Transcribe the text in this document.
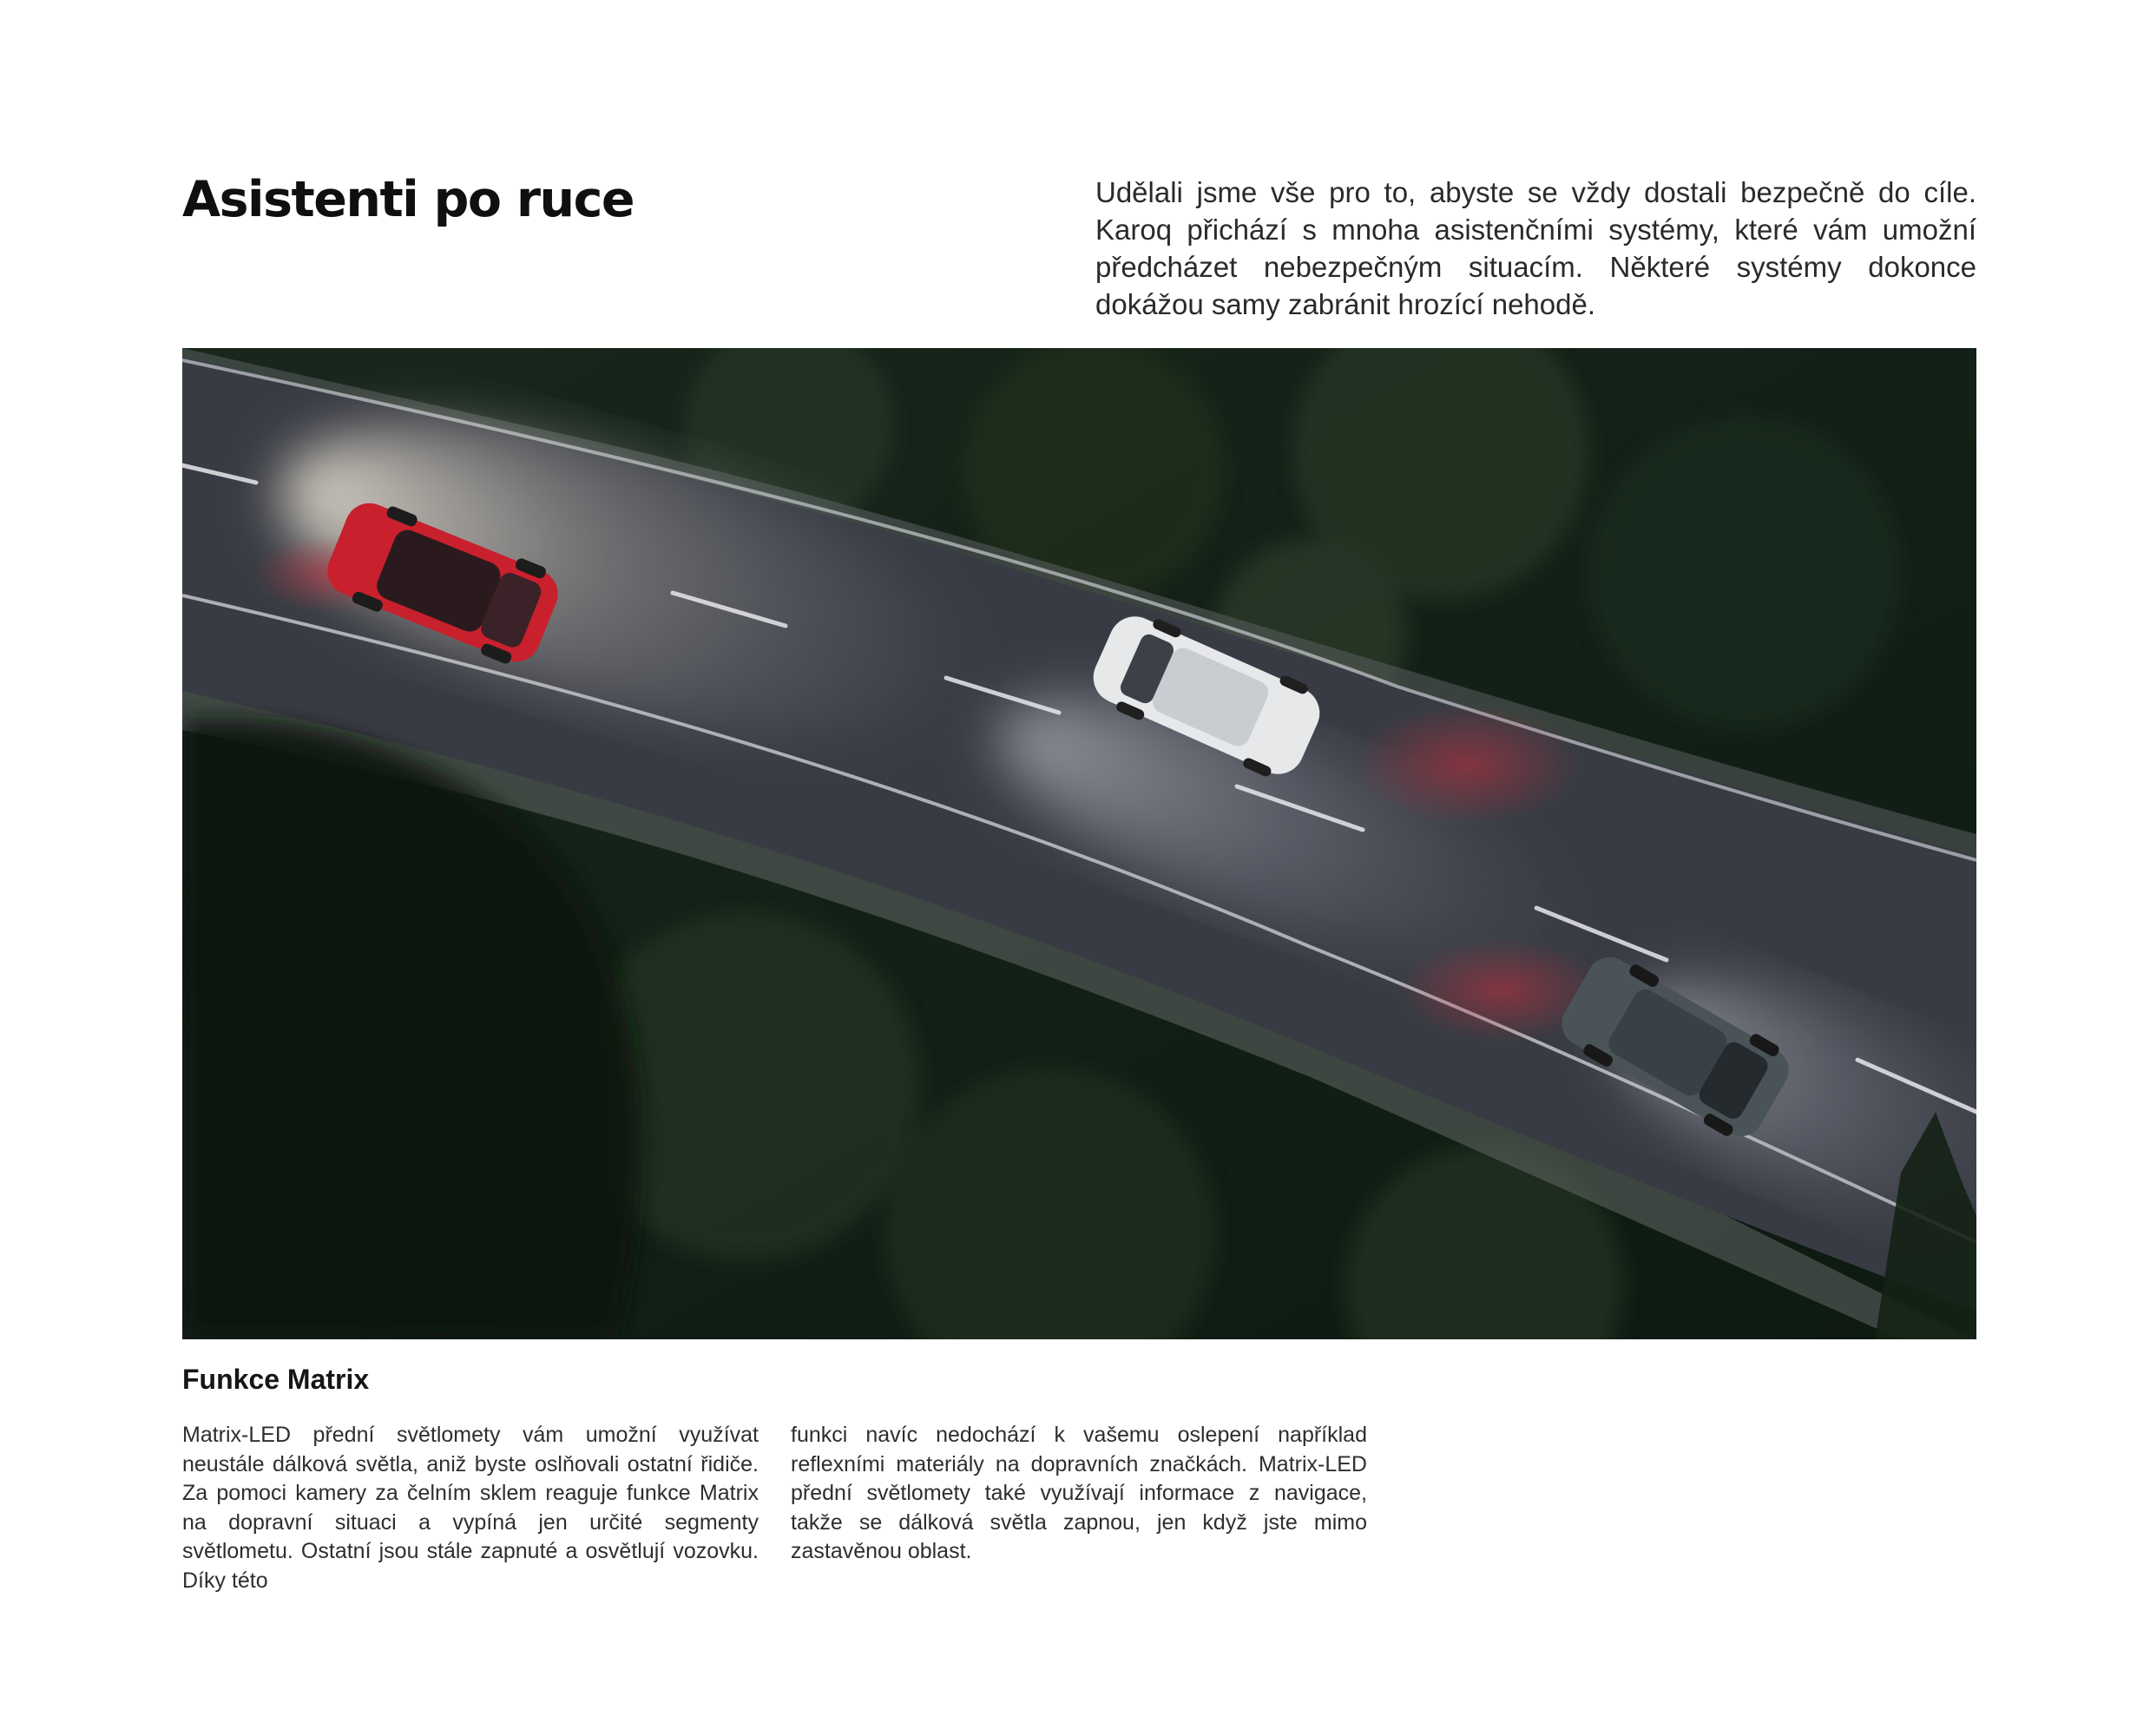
Asistenti po ruce	Udělali jsme vše pro to, abyste se vždy dostali bezpečně do cíle. Karoq přichází s mnoha asistenčními systémy, které vám umožní předcházet nebezpečným situacím. Některé systémy dokonce dokážou samy zabránit hrozící nehodě.

Funkce Matrix

Matrix-LED přední světlomety vám umožní využívat neustále dálková světla, aniž byste oslňovali ostatní řidiče. Za pomoci kamery za čelním sklem reaguje funkce Matrix na dopravní situaci a vypíná jen určité segmenty světlometu. Ostatní jsou stále zapnuté a osvětlují vozovku. Díky této

funkci navíc nedochází k vašemu oslepení například reflexními materiály na dopravních značkách. Matrix-LED přední světlomety také využívají informace z navigace, takže se dálková světla zapnou, jen když jste mimo zastavěnou oblast.
